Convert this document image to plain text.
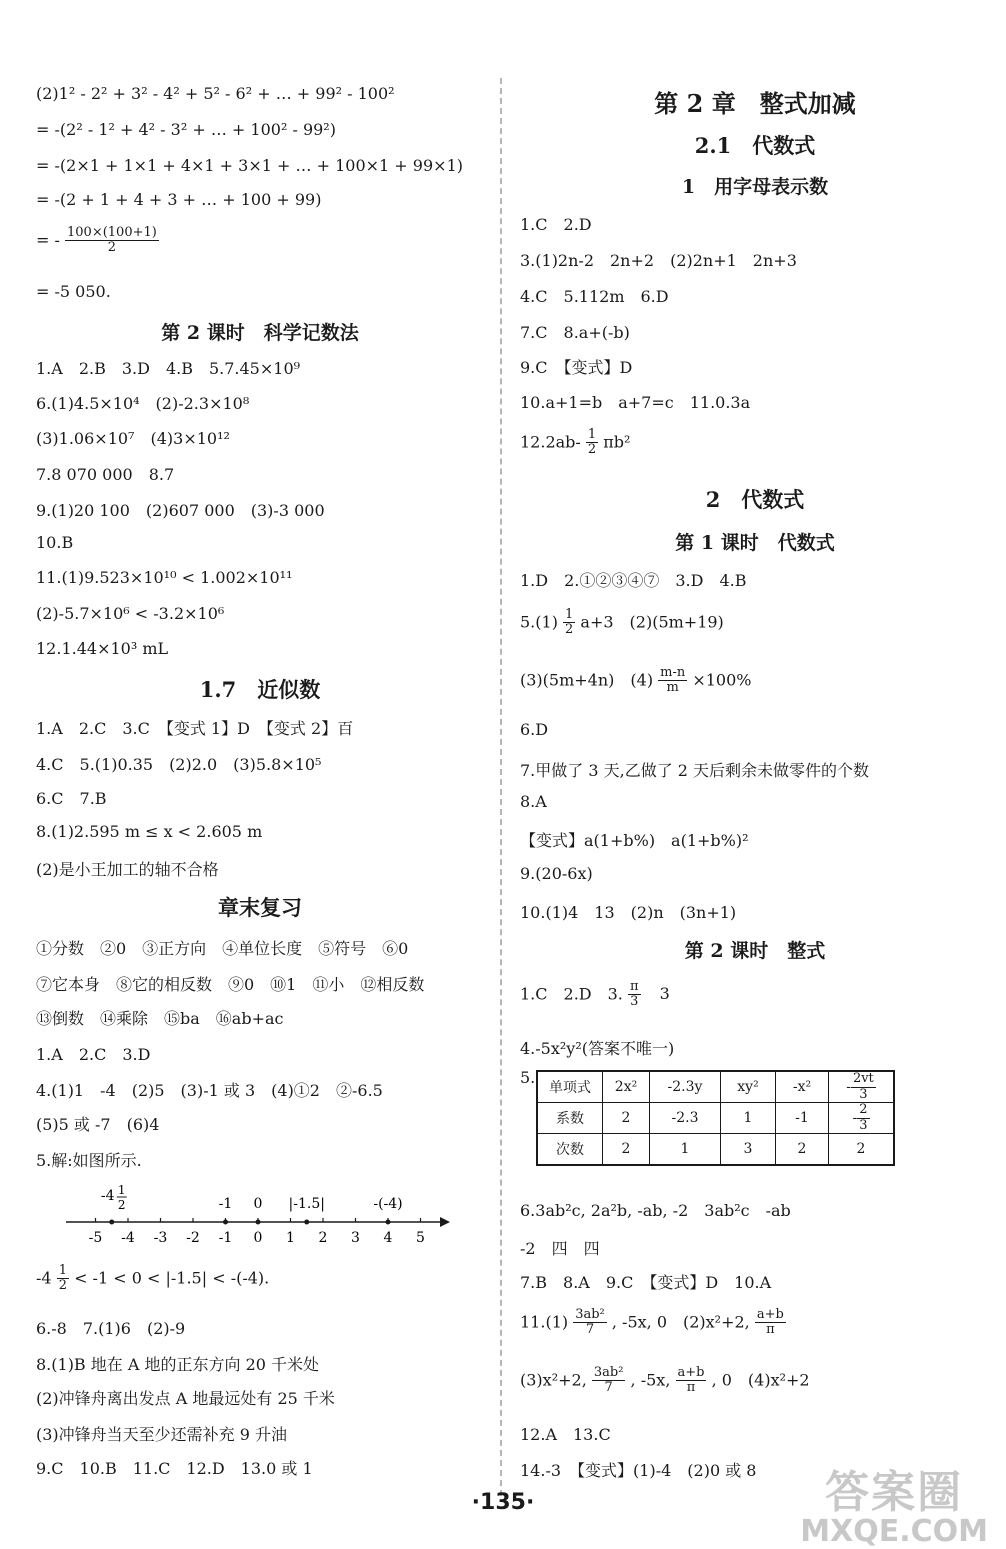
(2)1² - 2² + 3² - 4² + 5² - 6² + … + 99² - 100²
= -(2² - 1² + 4² - 3² + … + 100² - 99²)
= -(2×1 + 1×1 + 4×1 + 3×1 + … + 100×1 + 99×1)
= -(2 + 1 + 4 + 3 + … + 100 + 99)
= - $\frac{100\times(100+1)}{2}$
= -5 050.
第 2 课时　科学记数法
1.A　2.B　3.D　4.B　5.7.45×10⁹
6.(1)4.5×10⁴　(2)-2.3×10⁸
(3)1.06×10⁷　(4)3×10¹²
7.8 070 000　8.7
9.(1)20 100　(2)607 000　(3)-3 000
10.B
11.(1)9.523×10¹⁰ < 1.002×10¹¹
(2)-5.7×10⁶ < -3.2×10⁶
12.1.44×10³ mL
1.7　近似数
1.A　2.C　3.C　【变式 1】D　【变式 2】百
4.C　5.(1)0.35　(2)2.0　(3)5.8×10⁵
6.C　7.B
8.(1)2.595 m ≤ x < 2.605 m
(2)是小王加工的轴不合格
章末复习
①分数　②0　③正方向　④单位长度　⑤符号　⑥0
⑦它本身　⑧它的相反数　⑨0　⑩1　⑪小　⑫相反数
⑬倒数　⑭乘除　⑮ba　⑯ab+ac
1.A　2.C　3.D
4.(1)1　-4　(2)5　(3)-1 或 3　(4)①2　②-6.5
(5)5 或 -7　(6)4
5.解:如图所示.
-5 -4 -3 -2 -1 0 1 2 3 4 5
1
2
-4	-1 0 |-1.5|	-(-4)
$-4 \frac{1}{2} < -1 < 0 < |-1.5| < -(-4)$.
6.-8　7.(1)6　(2)-9
8.(1)B 地在 A 地的正东方向 20 千米处
(2)冲锋舟离出发点 A 地最远处有 25 千米
(3)冲锋舟当天至少还需补充 9 升油
9.C　10.B　11.C　12.D　13.0 或 1
第 2 章　整式加减
2.1　代数式
1　用字母表示数
1.C　2.D
3.(1)2n-2　2n+2　(2)2n+1　2n+3
4.C　5.112m　6.D
7.C　8.a+(-b)
9.C　【变式】D
10.a+1=b　a+7=c　11.0.3a
$12.2ab- \frac{1}{2} \pi b^2$
2　代数式
第 1 课时　代数式
1.D　2.①②③④⑦　3.D　4.B
$5.(1) \frac{1}{2} a+3$　(2)(5m+19)
(3)(5m+4n)　$(4) \frac{m-n}{m} \times 100\%$
6.D
7.甲做了 3 天,乙做了 2 天后剩余未做零件的个数
8.A
【变式】a(1+b%)　a(1+b%)²
9.(20-6x)
10.(1)4　13　(2)n　(3n+1)
第 2 课时　整式
1.C　2.D　3. $\frac{\pi}{3} 3$
4.-5x²y²(答案不唯一)
5.
单项式	2x²	-2.3y	xy²	-x²	- $\frac{2vt}{3}$

系数	2	-2.3	1	-1	- $\frac{2}{3}$

次数	2	1	3	2	2
6.3ab²c, 2a²b, -ab, -2　3ab²c　-ab
-2　四　四
7.B　8.A　9.C　【变式】D　10.A
$11.(1) \frac{\text{3ab²}}{7}$ , -5x, 0　(2)x²+2, $\frac{a+b}{\pi}$
(3)x²+2, $\frac{\text{3ab²}}{7}$ , -5x, $\frac{a+b}{\pi}$ , 0　(4)x²+2
12.A　13.C
14.-3　【变式】(1)-4　(2)0 或 8
·135·	答案圈
MXQE.COM
